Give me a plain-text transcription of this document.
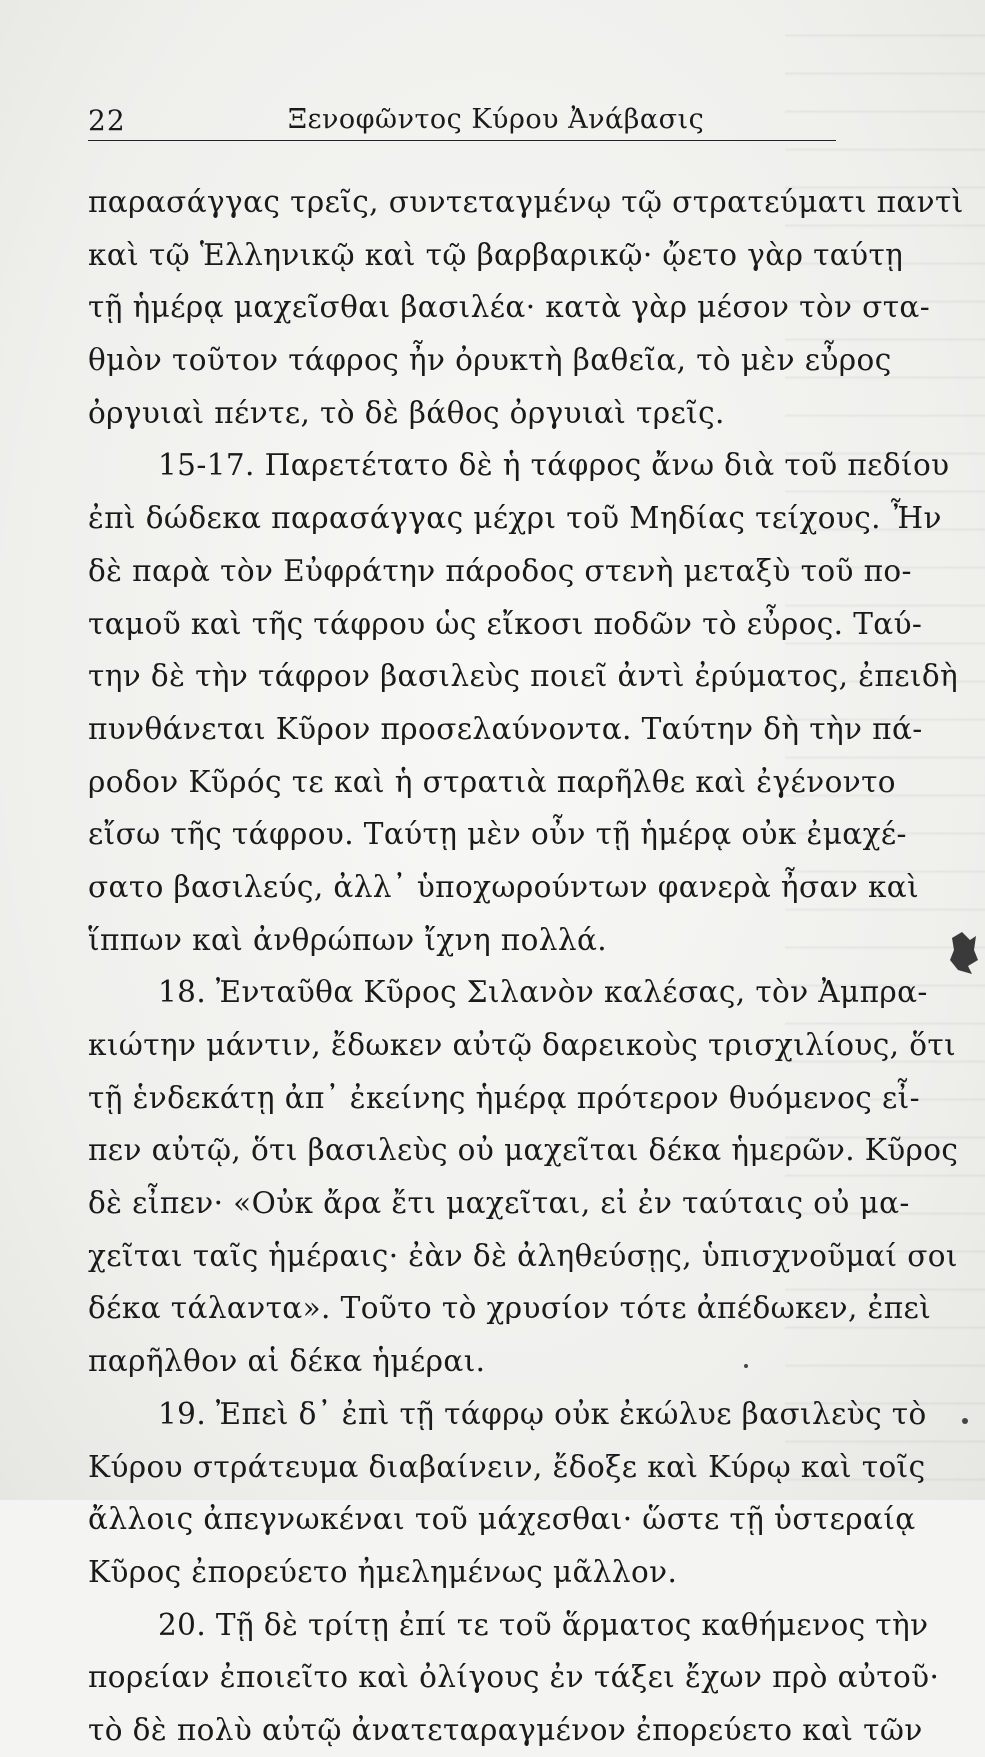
22	Ξενοφῶντος Κύρου Ἀνάβασις
παρασάγγας τρεῖς, συντεταγμένῳ τῷ στρατεύματι παντὶ
καὶ τῷ Ἑλληνικῷ καὶ τῷ βαρβαρικῷ· ᾤετο γὰρ ταύτῃ
τῇ ἡμέρᾳ μαχεῖσθαι βασιλέα· κατὰ γὰρ μέσον τὸν στα-
θμὸν τοῦτον τάφρος ἦν ὀρυκτὴ βαθεῖα, τὸ μὲν εὖρος
ὀργυιαὶ πέντε, τὸ δὲ βάθος ὀργυιαὶ τρεῖς.
15-17. Παρετέτατο δὲ ἡ τάφρος ἄνω διὰ τοῦ πεδίου
ἐπὶ δώδεκα παρασάγγας μέχρι τοῦ Μηδίας τείχους. Ἦν
δὲ παρὰ τὸν Εὐφράτην πάροδος στενὴ μεταξὺ τοῦ πο-
ταμοῦ καὶ τῆς τάφρου ὡς εἴκοσι ποδῶν τὸ εὖρος. Ταύ-
την δὲ τὴν τάφρον βασιλεὺς ποιεῖ ἀντὶ ἐρύματος, ἐπειδὴ
πυνθάνεται Κῦρον προσελαύνοντα. Ταύτην δὴ τὴν πά-
ροδον Κῦρός τε καὶ ἡ στρατιὰ παρῆλθε καὶ ἐγένοντο
εἴσω τῆς τάφρου. Ταύτῃ μὲν οὖν τῇ ἡμέρᾳ οὐκ ἐμαχέ-
σατο βασιλεύς, ἀλλ᾽ ὑποχωρούντων φανερὰ ἦσαν καὶ
ἵππων καὶ ἀνθρώπων ἴχνη πολλά.
18. Ἐνταῦθα Κῦρος Σιλανὸν καλέσας, τὸν Ἀμπρα-
κιώτην μάντιν, ἔδωκεν αὐτῷ δαρεικοὺς τρισχιλίους, ὅτι
τῇ ἑνδεκάτῃ ἀπ᾽ ἐκείνης ἡμέρᾳ πρότερον θυόμενος εἶ-
πεν αὐτῷ, ὅτι βασιλεὺς οὐ μαχεῖται δέκα ἡμερῶν. Κῦρος
δὲ εἶπεν· «Οὐκ ἄρα ἔτι μαχεῖται, εἰ ἐν ταύταις οὐ μα-
χεῖται ταῖς ἡμέραις· ἐὰν δὲ ἀληθεύσῃς, ὑπισχνοῦμαί σοι
δέκα τάλαντα». Τοῦτο τὸ χρυσίον τότε ἀπέδωκεν, ἐπεὶ
παρῆλθον αἱ δέκα ἡμέραι.
19. Ἐπεὶ δ᾽ ἐπὶ τῇ τάφρῳ οὐκ ἐκώλυε βασιλεὺς τὸ
Κύρου στράτευμα διαβαίνειν, ἔδοξε καὶ Κύρῳ καὶ τοῖς
ἄλλοις ἀπεγνωκέναι τοῦ μάχεσθαι· ὥστε τῇ ὑστεραίᾳ
Κῦρος ἐπορεύετο ἠμελημένως μᾶλλον.
20. Τῇ δὲ τρίτῃ ἐπί τε τοῦ ἅρματος καθήμενος τὴν
πορείαν ἐποιεῖτο καὶ ὀλίγους ἐν τάξει ἔχων πρὸ αὐτοῦ·
τὸ δὲ πολὺ αὐτῷ ἀνατεταραγμένον ἐπορεύετο καὶ τῶν
